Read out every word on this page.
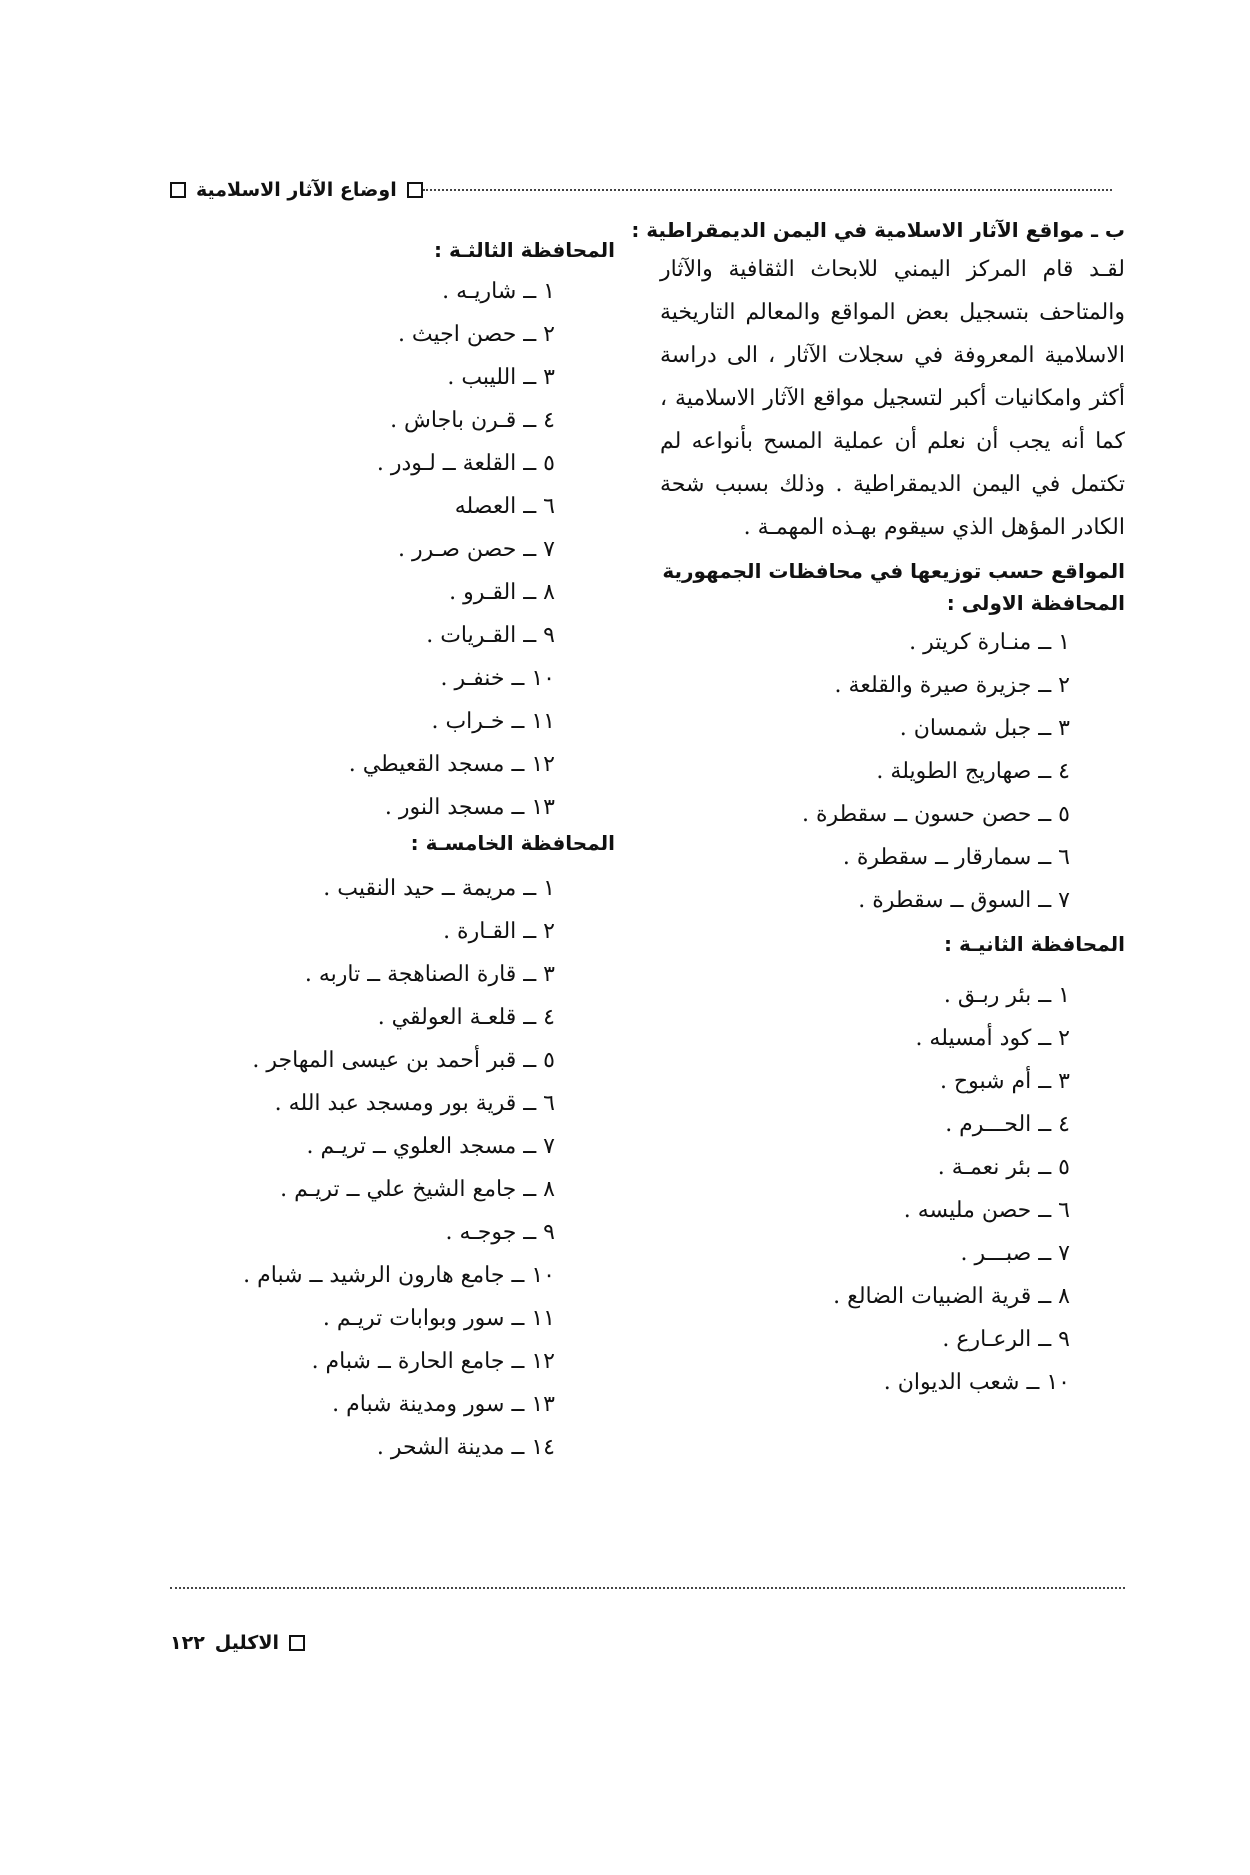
اوضاع الآثار الاسلامية
ب ـ مواقع الآثار الاسلامية في اليمن الديمقراطية :

لقـد قام المركز اليمني للابحاث الثقافية والآثار والمتاحف بتسجيل بعض المواقع والمعالم التاريخية الاسلامية المعروفة في سجلات الآثار ، الى دراسة أكثر وامكانيات أكبر لتسجيل مواقع الآثار الاسلامية ، كما أنه يجب أن نعلم أن عملية المسح بأنواعه لم تكتمل في اليمن الديمقراطية . وذلك بسبب شحة الكادر المؤهل الذي سيقوم بهـذه المهمـة .

المواقع حسب توزيعها في محافظات الجمهورية
المحافظة الاولى :
١ ــ منـارة كريتر .
٢ ــ جزيرة صيرة والقلعة .
٣ ــ جبل شمسان .
٤ ــ صهاريج الطويلة .
٥ ــ حصن حسون ــ سقطرة .
٦ ــ سمارقار ــ سقطرة .
٧ ــ السوق ــ سقطرة .
المحافظة الثانيـة :
١ ــ بئر ربـق .
٢ ــ كود أمسيله .
٣ ــ أم شبوح .
٤ ــ الحـــرم .
٥ ــ بئر نعمـة .
٦ ــ حصن مليسه .
٧ ــ صبـــر .
٨ ــ قرية الضبيات الضالع .
٩ ــ الرعـارع .
١٠ ــ شعب الديوان .
المحافظة الثالثـة :
١ ــ شاريـه .
٢ ــ حصن اجيث .
٣ ــ الليبب .
٤ ــ قـرن باجاش .
٥ ــ القلعة ــ لـودر .
٦ ــ العصله
٧ ــ حصن صـرر .
٨ ــ القـرو .
٩ ــ القـريات .
١٠ ــ خنفـر .
١١ ــ خـراب .
١٢ ــ مسجد القعيطي .
١٣ ــ مسجد النور .
المحافظة الخامسـة :
١ ــ مريمة ــ حيد النقيب .
٢ ــ القـارة .
٣ ــ قارة الصناهجة ــ تاربه .
٤ ــ قلعـة العولقي .
٥ ــ قبر أحمد بن عيسى المهاجر .
٦ ــ قرية بور ومسجد عبد الله .
٧ ــ مسجد العلوي ــ تريـم .
٨ ــ جامع الشيخ علي ــ تريـم .
٩ ــ جوجـه .
١٠ ــ جامع هارون الرشيد ــ شبام .
١١ ــ سور وبوابات تريـم .
١٢ ــ جامع الحارة ــ شبام .
١٣ ــ سور ومدينة شبام .
١٤ ــ مدينة الشحر .
الاكليل
١٢٢
